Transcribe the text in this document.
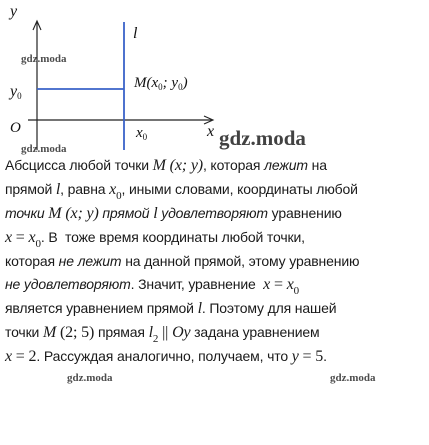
y
l
$y_0$
$M(x_0$; $y_0$)
O	$x_0$	x
gdz.moda
gdz.moda	gdz.moda
Абсцисса любой точки M (x; y), которая лежит на
прямой l, равна $x_0$, иными словами, координаты любой
точки M (x; y) прямой l удовлетворяют уравнению
$x = x_0$. В  тоже время координаты любой точки,
которая не лежит на данной прямой, этому уравнению
не удовлетворяют. Значит, уравнение  $x = x_0$
является уравнением прямой l. Поэтому для нашей
точки M (2; 5) прямая $l_2$ || Oy задана уравнением
x = 2. Рассуждая аналогично, получаем, что y = 5.
gdz.moda	gdz.moda
